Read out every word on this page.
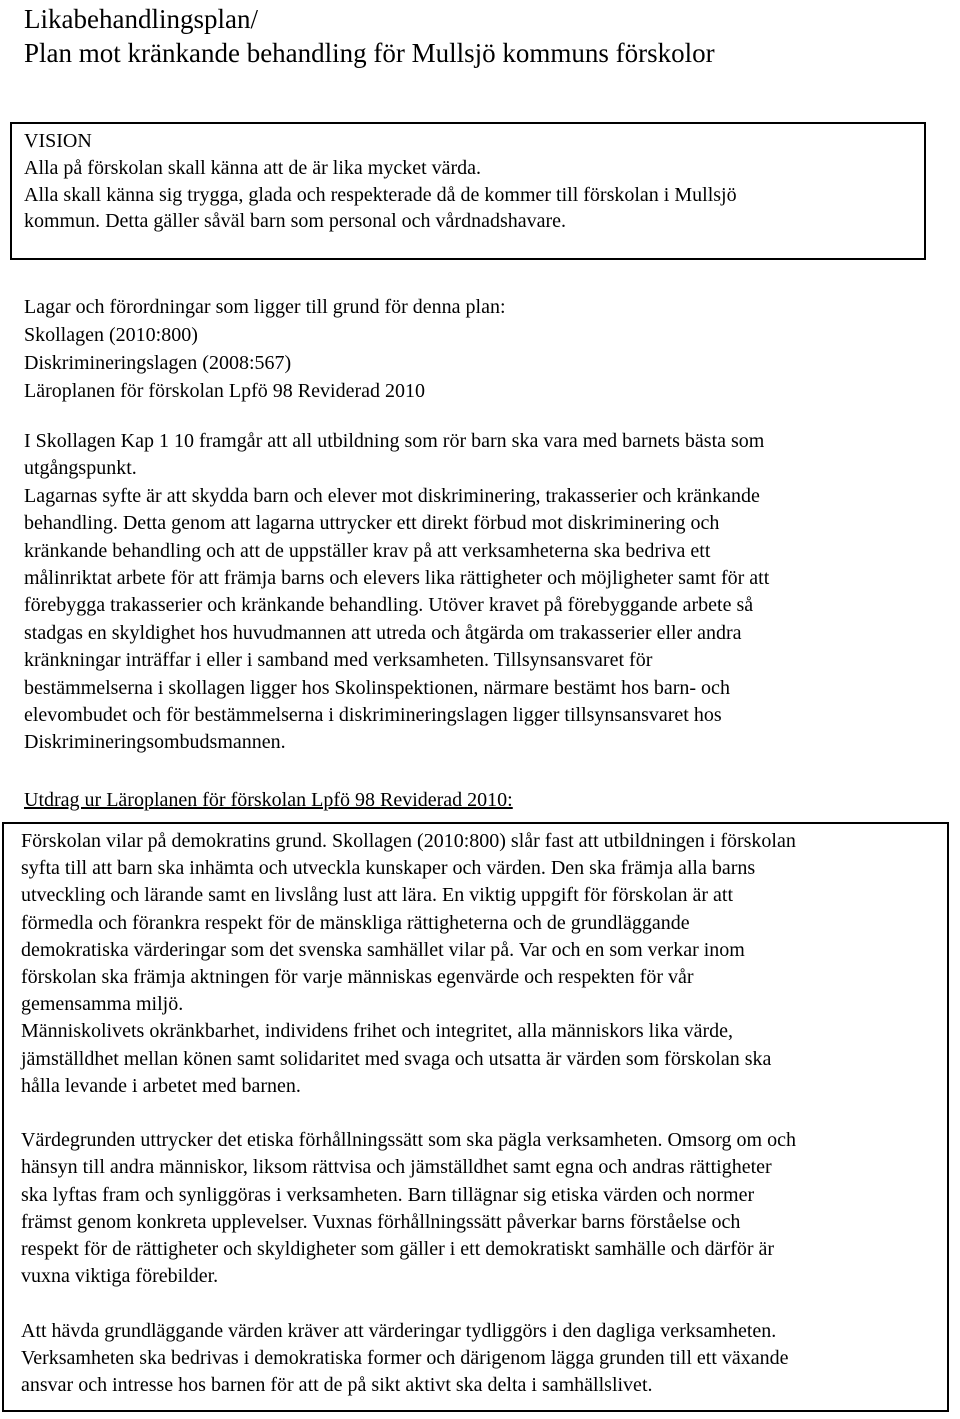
Likabehandlingsplan/
Plan mot kränkande behandling för Mullsjö kommuns förskolor
VISION
Alla på förskolan skall känna att de är lika mycket värda.
Alla skall känna sig trygga, glada och respekterade då de kommer till förskolan i Mullsjö
kommun. Detta gäller såväl barn som personal och vårdnadshavare.
Lagar och förordningar som ligger till grund för denna plan:
Skollagen (2010:800)
Diskrimineringslagen (2008:567)
Läroplanen för förskolan Lpfö 98 Reviderad 2010
I Skollagen Kap 1 10 framgår att all utbildning som rör barn ska vara med barnets bästa som
utgångspunkt.
Lagarnas syfte är att skydda barn och elever mot diskriminering, trakasserier och kränkande
behandling. Detta genom att lagarna uttrycker ett direkt förbud mot diskriminering och
kränkande behandling och att de uppställer krav på att verksamheterna ska bedriva ett
målinriktat arbete för att främja barns och elevers lika rättigheter och möjligheter samt för att
förebygga trakasserier och kränkande behandling. Utöver kravet på förebyggande arbete så
stadgas en skyldighet hos huvudmannen att utreda och åtgärda om trakasserier eller andra
kränkningar inträffar i eller i samband med verksamheten. Tillsynsansvaret för
bestämmelserna i skollagen ligger hos Skolinspektionen, närmare bestämt hos barn- och
elevombudet och för bestämmelserna i diskrimineringslagen ligger tillsynsansvaret hos
Diskrimineringsombudsmannen.
Utdrag ur Läroplanen för förskolan Lpfö 98 Reviderad 2010:
Förskolan vilar på demokratins grund. Skollagen (2010:800) slår fast att utbildningen i förskolan
syfta till att barn ska inhämta och utveckla kunskaper och värden. Den ska främja alla barns
utveckling och lärande samt en livslång lust att lära. En viktig uppgift för förskolan är att
förmedla och förankra respekt för de mänskliga rättigheterna och de grundläggande
demokratiska värderingar som det svenska samhället vilar på. Var och en som verkar inom
förskolan ska främja aktningen för varje människas egenvärde och respekten för vår
gemensamma miljö.
Människolivets okränkbarhet, individens frihet och integritet, alla människors lika värde,
jämställdhet mellan könen samt solidaritet med svaga och utsatta är värden som förskolan ska
hålla levande i arbetet med barnen.
Värdegrunden uttrycker det etiska förhållningssätt som ska pägla verksamheten. Omsorg om och
hänsyn till andra människor, liksom rättvisa och jämställdhet samt egna och andras rättigheter
ska lyftas fram och synliggöras i verksamheten. Barn tillägnar sig etiska värden och normer
främst genom konkreta upplevelser. Vuxnas förhållningssätt påverkar barns förståelse och
respekt för de rättigheter och skyldigheter som gäller i ett demokratiskt samhälle och därför är
vuxna viktiga förebilder.
Att hävda grundläggande värden kräver att värderingar tydliggörs i den dagliga verksamheten.
Verksamheten ska bedrivas i demokratiska former och därigenom lägga grunden till ett växande
ansvar och intresse hos barnen för att de på sikt aktivt ska delta i samhällslivet.
